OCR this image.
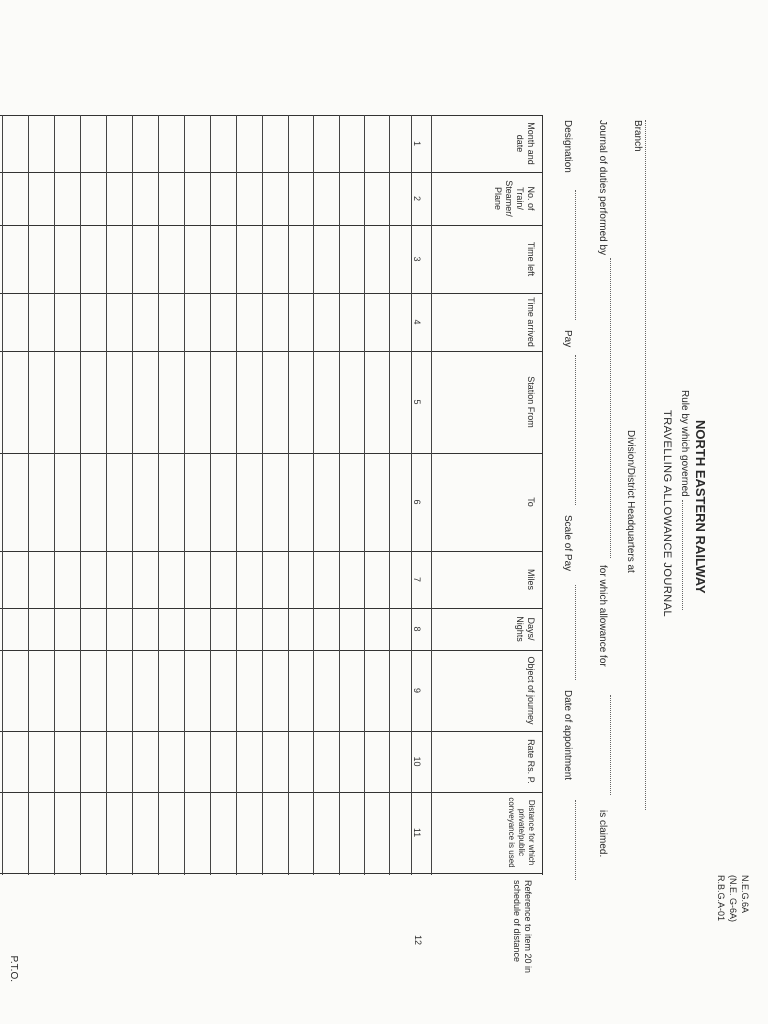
N.E.G.6A
(N.E. G-6A)
R.B.G.A-01
NORTH EASTERN RAILWAY
TRAVELLING ALLOWANCE JOURNAL Rule by which governed
Branch
Division/District Headquarters at
Journal of duties performed by
for which allowance for
is claimed.
Designation
Pay
Scale of Pay
Date of appointment
Month and date
No. of Train/ Steamer/ Plane
Time left
Time arrived
Station From
To
Miles
Days/ Nights
Object of journey
Rate Rs. P.
Distance for which private/public conveyance is used
1
2
3
4
5
6
7
8
9
10
11
Reference to item 20 in schedule of distance
12
P.T.O.
